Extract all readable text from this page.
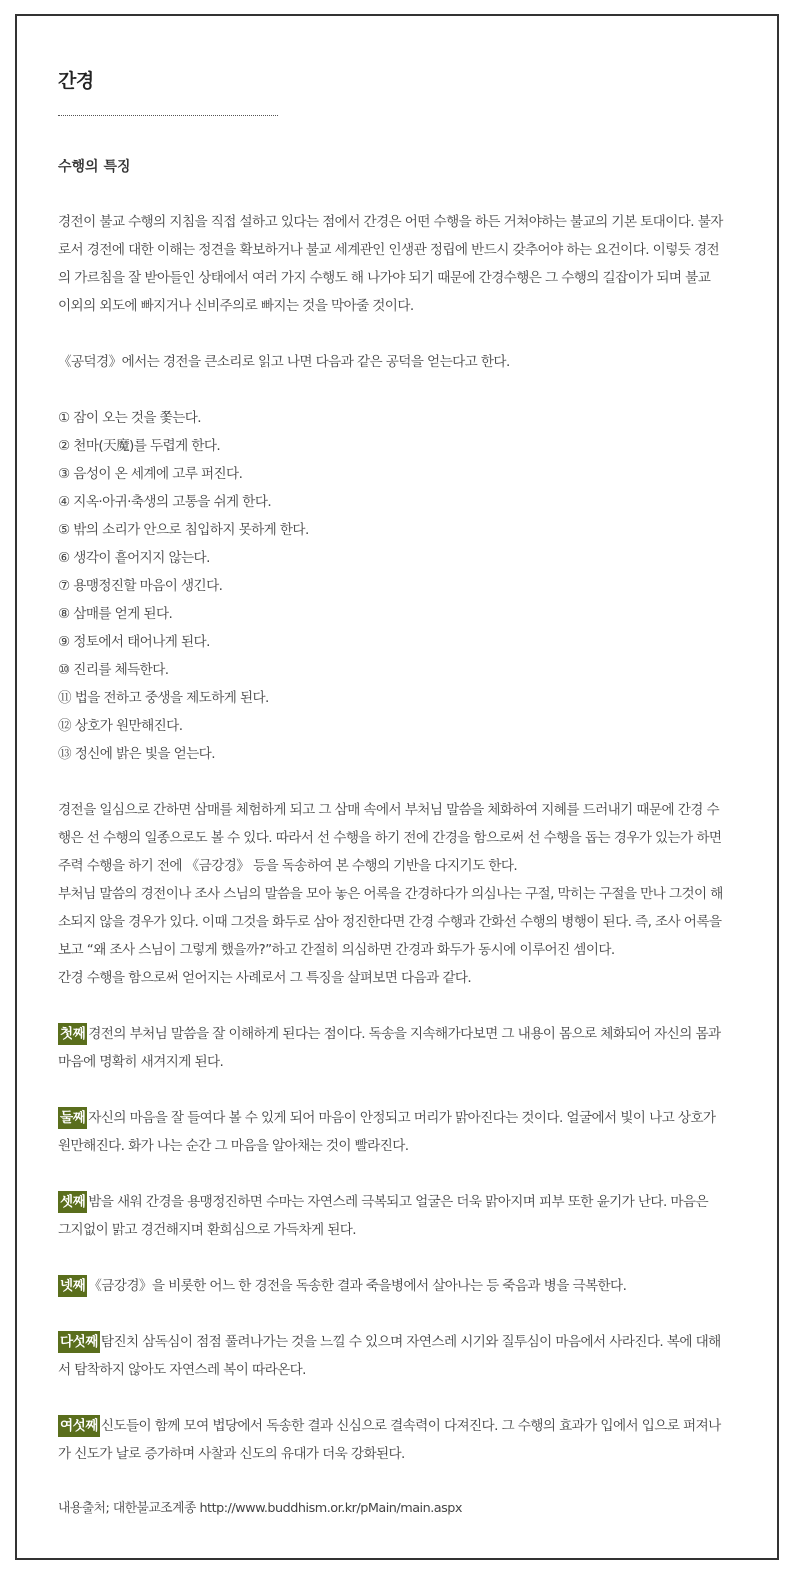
간경
수행의 특징
경전이 불교 수행의 지침을 직접 설하고 있다는 점에서 간경은 어떤 수행을 하든 거쳐야하는 불교의 기본 토대이다. 불자
로서 경전에 대한 이해는 정견을 확보하거나 불교 세계관인 인생관 정립에 반드시 갖추어야 하는 요건이다. 이렇듯 경전
의 가르침을 잘 받아들인 상태에서 여러 가지 수행도 해 나가야 되기 때문에 간경수행은 그 수행의 길잡이가 되며 불교
이외의 외도에 빠지거나 신비주의로 빠지는 것을 막아줄 것이다.
《공덕경》에서는 경전을 큰소리로 읽고 나면 다음과 같은 공덕을 얻는다고 한다.
① 잠이 오는 것을 쫓는다.
② 천마(天魔)를 두렵게 한다.
③ 음성이 온 세계에 고루 퍼진다.
④ 지옥·아귀·축생의 고통을 쉬게 한다.
⑤ 밖의 소리가 안으로 침입하지 못하게 한다.
⑥ 생각이 흩어지지 않는다.
⑦ 용맹정진할 마음이 생긴다.
⑧ 삼매를 얻게 된다.
⑨ 정토에서 태어나게 된다.
⑩ 진리를 체득한다.
⑪ 법을 전하고 중생을 제도하게 된다.
⑫ 상호가 원만해진다.
⑬ 정신에 밝은 빛을 얻는다.
경전을 일심으로 간하면 삼매를 체험하게 되고 그 삼매 속에서 부처님 말씀을 체화하여 지혜를 드러내기 때문에 간경 수
행은 선 수행의 일종으로도 볼 수 있다. 따라서 선 수행을 하기 전에 간경을 함으로써 선 수행을 돕는 경우가 있는가 하면
주력 수행을 하기 전에 《금강경》 등을 독송하여 본 수행의 기반을 다지기도 한다.
부처님 말씀의 경전이나 조사 스님의 말씀을 모아 놓은 어록을 간경하다가 의심나는 구절, 막히는 구절을 만나 그것이 해
소되지 않을 경우가 있다. 이때 그것을 화두로 삼아 정진한다면 간경 수행과 간화선 수행의 병행이 된다. 즉, 조사 어록을
보고 “왜 조사 스님이 그렇게 했을까?”하고 간절히 의심하면 간경과 화두가 동시에 이루어진 셈이다.
간경 수행을 함으로써 얻어지는 사례로서 그 특징을 살펴보면 다음과 같다.
첫째 경전의 부처님 말씀을 잘 이해하게 된다는 점이다. 독송을 지속해가다보면 그 내용이 몸으로 체화되어 자신의 몸과
마음에 명확히 새겨지게 된다.
둘째 자신의 마음을 잘 들여다 볼 수 있게 되어 마음이 안정되고 머리가 맑아진다는 것이다. 얼굴에서 빛이 나고 상호가
원만해진다. 화가 나는 순간 그 마음을 알아채는 것이 빨라진다.
셋째 밤을 새워 간경을 용맹정진하면 수마는 자연스레 극복되고 얼굴은 더욱 맑아지며 피부 또한 윤기가 난다. 마음은
그지없이 맑고 경건해지며 환희심으로 가득차게 된다.
넷째 《금강경》을 비롯한 어느 한 경전을 독송한 결과 죽을병에서 살아나는 등 죽음과 병을 극복한다.
다섯째 탐진치 삼독심이 점점 풀려나가는 것을 느낄 수 있으며 자연스레 시기와 질투심이 마음에서 사라진다. 복에 대해
서 탐착하지 않아도 자연스레 복이 따라온다.
여섯째 신도들이 함께 모여 법당에서 독송한 결과 신심으로 결속력이 다져진다. 그 수행의 효과가 입에서 입으로 퍼져나
가 신도가 날로 증가하며 사찰과 신도의 유대가 더욱 강화된다.
내용출처; 대한불교조계종 http://www.buddhism.or.kr/pMain/main.aspx
